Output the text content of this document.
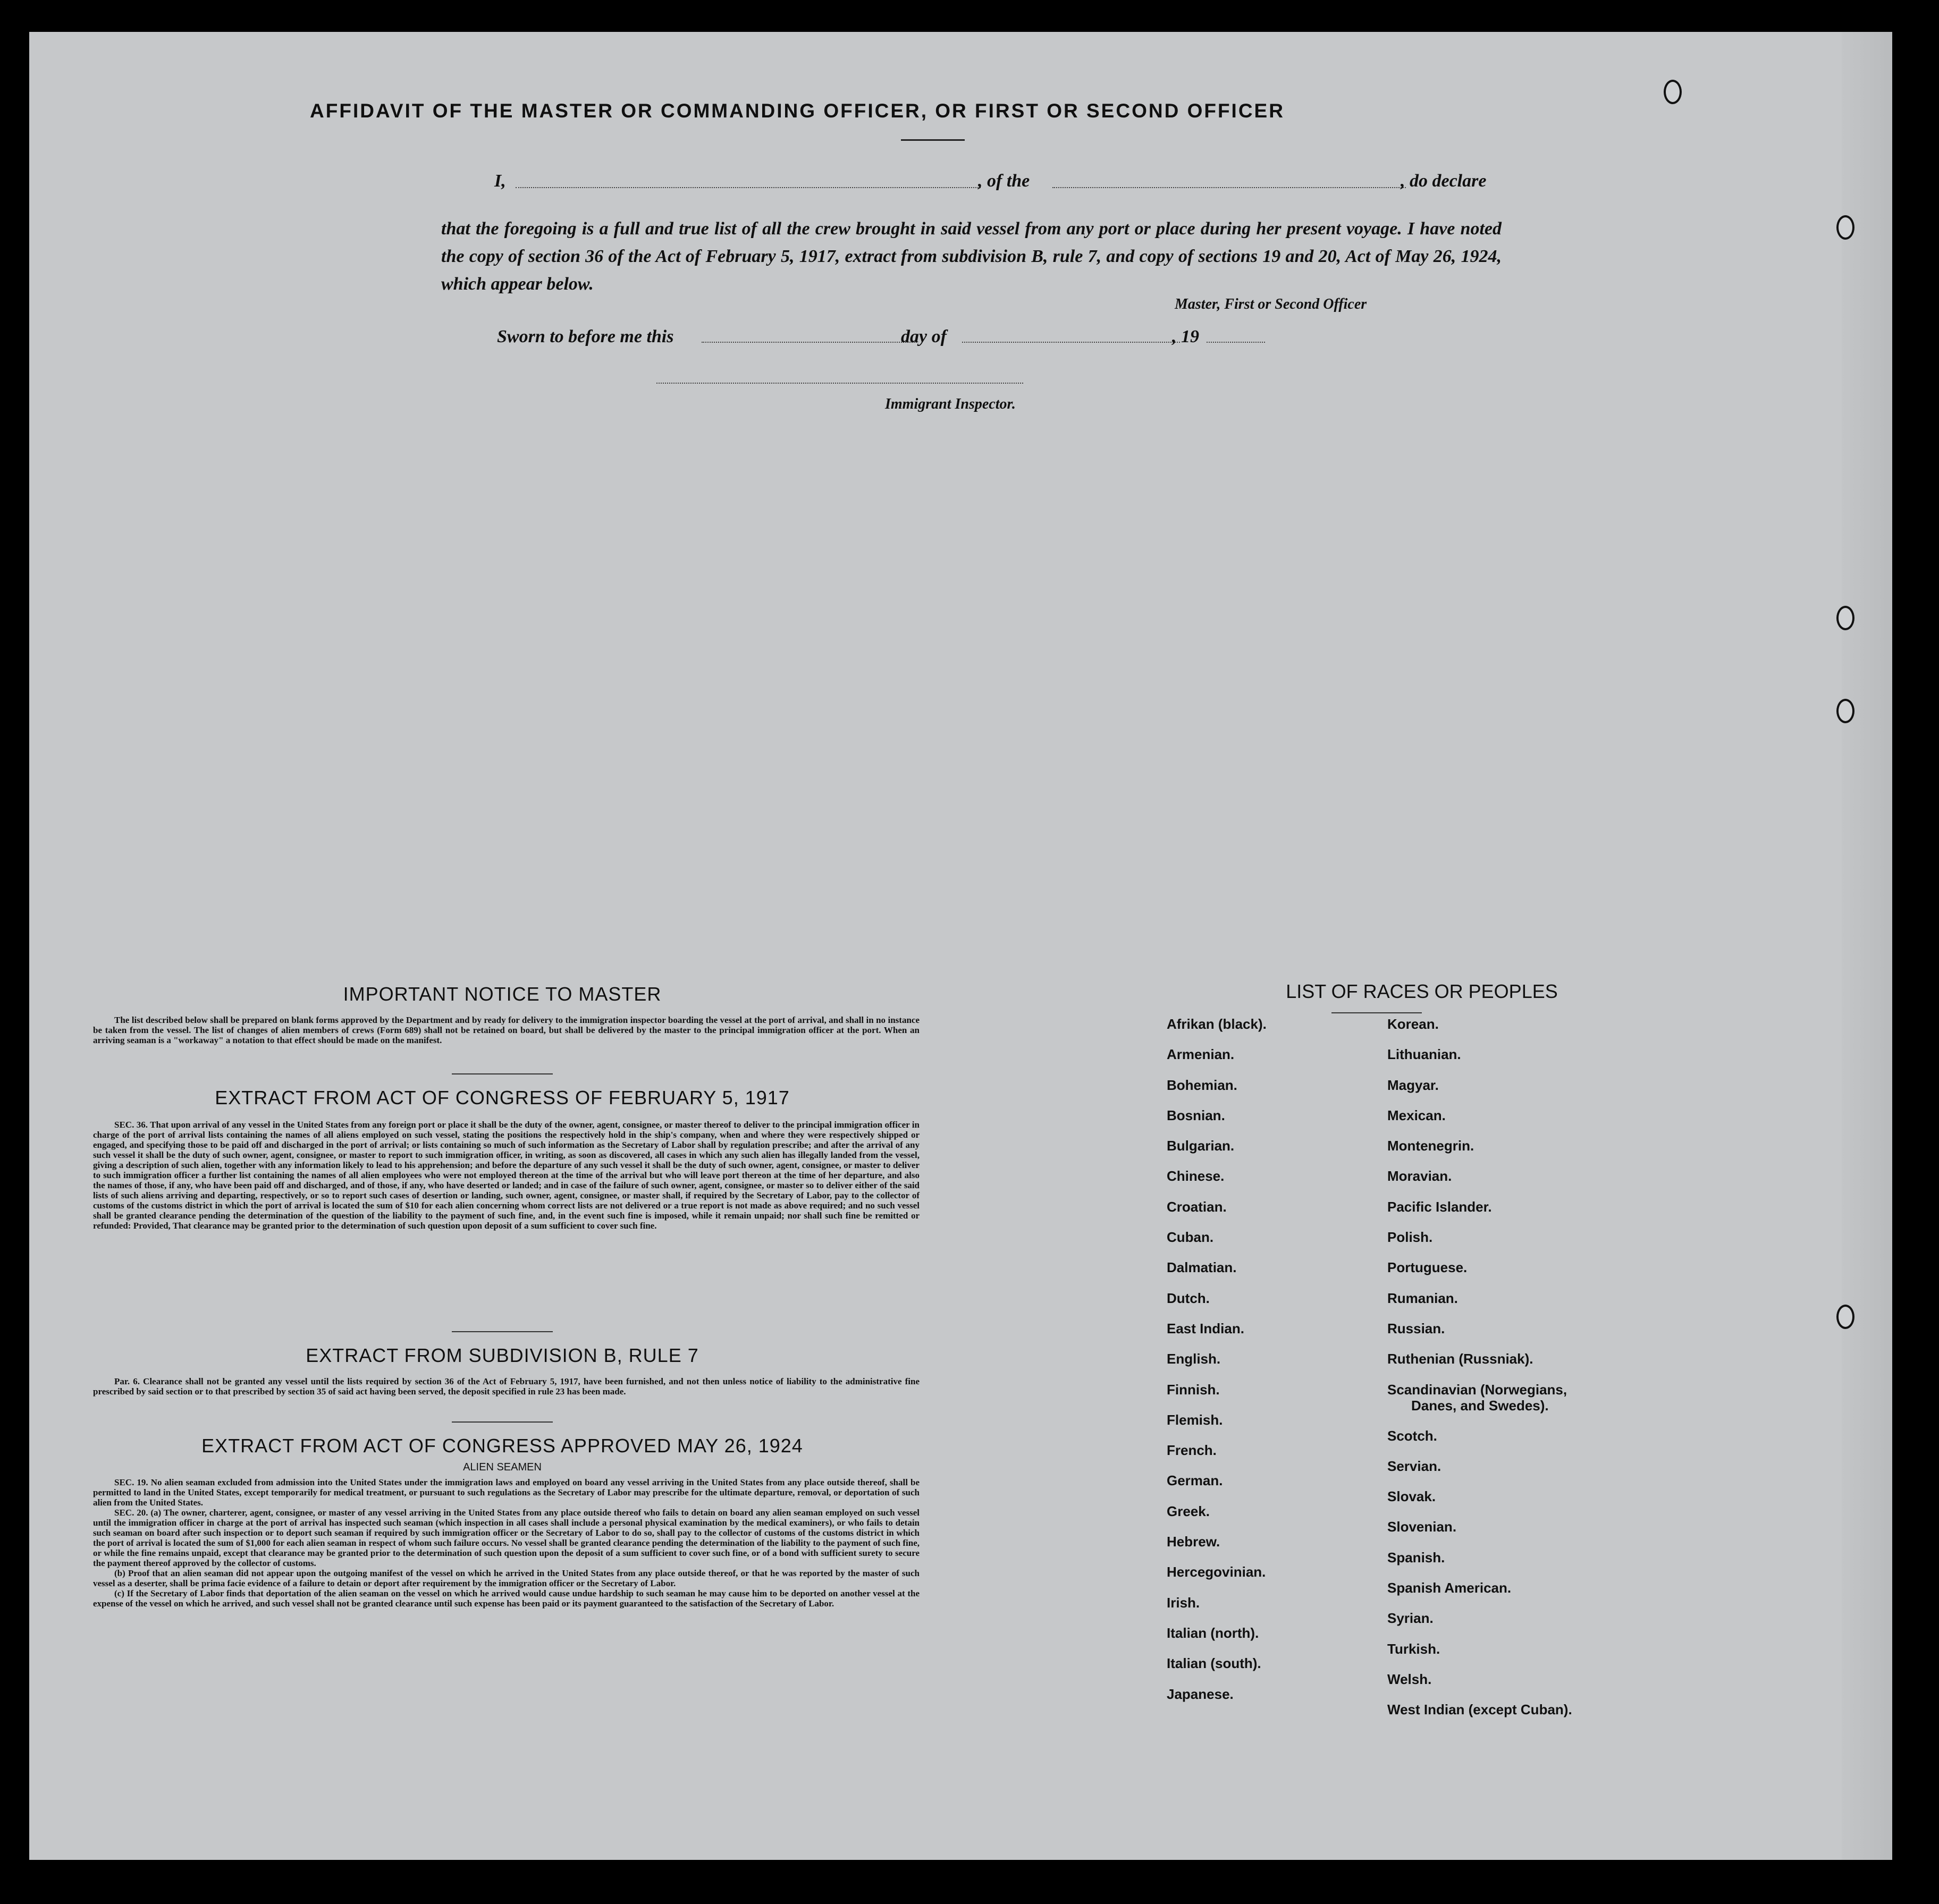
AFFIDAVIT OF THE MASTER OR COMMANDING OFFICER, OR FIRST OR SECOND OFFICER
I,	, of the	, do declare
that the foregoing is a full and true list of all the crew brought in said vessel from any port or place during her present voyage. I have noted the copy of section 36 of the Act of February 5, 1917, extract from subdivision B, rule 7, and copy of sections 19 and 20, Act of May 26, 1924, which appear below.
Master, First or Second Officer
Sworn to before me this	day of	, 19
Immigrant Inspector.
IMPORTANT NOTICE TO MASTER

The list described below shall be prepared on blank forms approved by the Department and by ready for delivery to the immigration inspector boarding the vessel at the port of arrival, and shall in no instance be taken from the vessel. The list of changes of alien members of crews (Form 689) shall not be retained on board, but shall be delivered by the master to the principal immigration officer at the port. When an arriving seaman is a "workaway" a notation to that effect should be made on the manifest.

EXTRACT FROM ACT OF CONGRESS OF FEBRUARY 5, 1917

SEC. 36. That upon arrival of any vessel in the United States from any foreign port or place it shall be the duty of the owner, agent, consignee, or master thereof to deliver to the principal immigration officer in charge of the port of arrival lists containing the names of all aliens employed on such vessel, stating the positions the respectively hold in the ship's company, when and where they were respectively shipped or engaged, and specifying those to be paid off and discharged in the port of arrival; or lists containing so much of such information as the Secretary of Labor shall by regulation prescribe; and after the arrival of any such vessel it shall be the duty of such owner, agent, consignee, or master to report to such immigration officer, in writing, as soon as discovered, all cases in which any such alien has illegally landed from the vessel, giving a description of such alien, together with any information likely to lead to his apprehension; and before the departure of any such vessel it shall be the duty of such owner, agent, consignee, or master to deliver to such immigration officer a further list containing the names of all alien employees who were not employed thereon at the time of the arrival but who will leave port thereon at the time of her departure, and also the names of those, if any, who have been paid off and discharged, and of those, if any, who have deserted or landed; and in case of the failure of such owner, agent, consignee, or master so to deliver either of the said lists of such aliens arriving and departing, respectively, or so to report such cases of desertion or landing, such owner, agent, consignee, or master shall, if required by the Secretary of Labor, pay to the collector of customs of the customs district in which the port of arrival is located the sum of $10 for each alien concerning whom correct lists are not delivered or a true report is not made as above required; and no such vessel shall be granted clearance pending the determination of the question of the liability to the payment of such fine, and, in the event such fine is imposed, while it remain unpaid; nor shall such fine be remitted or refunded: Provided, That clearance may be granted prior to the determination of such question upon deposit of a sum sufficient to cover such fine.

EXTRACT FROM SUBDIVISION B, RULE 7

Par. 6. Clearance shall not be granted any vessel until the lists required by section 36 of the Act of February 5, 1917, have been furnished, and not then unless notice of liability to the administrative fine prescribed by said section or to that prescribed by section 35 of said act having been served, the deposit specified in rule 23 has been made.

EXTRACT FROM ACT OF CONGRESS APPROVED MAY 26, 1924
ALIEN SEAMEN

SEC. 19. No alien seaman excluded from admission into the United States under the immigration laws and employed on board any vessel arriving in the United States from any place outside thereof, shall be permitted to land in the United States, except temporarily for medical treatment, or pursuant to such regulations as the Secretary of Labor may prescribe for the ultimate departure, removal, or deportation of such alien from the United States.

SEC. 20. (a) The owner, charterer, agent, consignee, or master of any vessel arriving in the United States from any place outside thereof who fails to detain on board any alien seaman employed on such vessel until the immigration officer in charge at the port of arrival has inspected such seaman (which inspection in all cases shall include a personal physical examination by the medical examiners), or who fails to detain such seaman on board after such inspection or to deport such seaman if required by such immigration officer or the Secretary of Labor to do so, shall pay to the collector of customs of the customs district in which the port of arrival is located the sum of $1,000 for each alien seaman in respect of whom such failure occurs. No vessel shall be granted clearance pending the determination of the liability to the payment of such fine, or while the fine remains unpaid, except that clearance may be granted prior to the determination of such question upon the deposit of a sum sufficient to cover such fine, or of a bond with sufficient surety to secure the payment thereof approved by the collector of customs.

(b) Proof that an alien seaman did not appear upon the outgoing manifest of the vessel on which he arrived in the United States from any place outside thereof, or that he was reported by the master of such vessel as a deserter, shall be prima facie evidence of a failure to detain or deport after requirement by the immigration officer or the Secretary of Labor.

(c) If the Secretary of Labor finds that deportation of the alien seaman on the vessel on which he arrived would cause undue hardship to such seaman he may cause him to be deported on another vessel at the expense of the vessel on which he arrived, and such vessel shall not be granted clearance until such expense has been paid or its payment guaranteed to the satisfaction of the Secretary of Labor.

LIST OF RACES OR PEOPLES
Afrikan (black).
Armenian.
Bohemian.
Bosnian.
Bulgarian.
Chinese.
Croatian.
Cuban.
Dalmatian.
Dutch.
East Indian.
English.
Finnish.
Flemish.
French.
German.
Greek.
Hebrew.
Hercegovinian.
Irish.
Italian (north).
Italian (south).
Japanese.
Korean.
Lithuanian.
Magyar.
Mexican.
Montenegrin.
Moravian.
Pacific Islander.
Polish.
Portuguese.
Rumanian.
Russian.
Ruthenian (Russniak).
Scandinavian (Norwegians,
Danes, and Swedes).
Scotch.
Servian.
Slovak.
Slovenian.
Spanish.
Spanish American.
Syrian.
Turkish.
Welsh.
West Indian (except Cuban).
